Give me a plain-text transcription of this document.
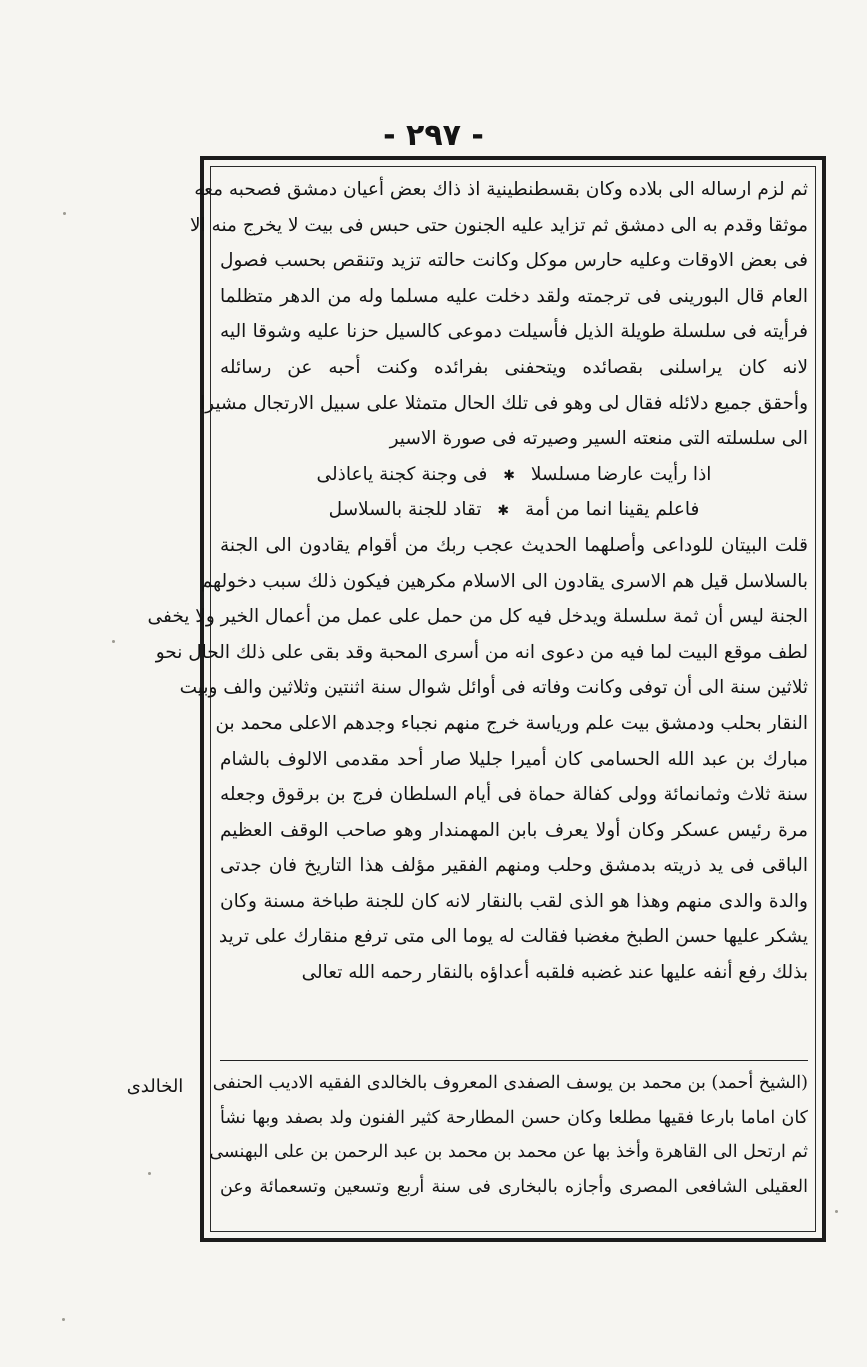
- ٢٩٧ -
ثم لزم ارساله الى بلاده وكان بقسطنطينية اذ ذاك بعض أعيان دمشق فصحبه معه
موثقا وقدم به الى دمشق ثم تزايد عليه الجنون حتى حبس فى بيت لا يخرج منه الا
فى بعض الاوقات وعليه حارس موكل وكانت حالته تزيد وتنقص بحسب فصول
العام قال البورينى فى ترجمته ولقد دخلت عليه مسلما وله من الدهر متظلما
فرأيته فى سلسلة طويلة الذيل فأسيلت دموعى كالسيل حزنا عليه وشوقا اليه
لانه كان يراسلنى بقصائده ويتحفنى بفرائده وكنت أحبه عن رسائله
وأحقق جميع دلائله فقال لى وهو فى تلك الحال متمثلا على سبيل الارتجال مشيرا
الى سلسلته التى منعته السير وصيرته فى صورة الاسير
اذا رأيت عارضا مسلسلا ✱ فى وجنة كجنة ياعاذلى
فاعلم يقينا انما من أمة ✱ تقاد للجنة بالسلاسل
قلت البيتان للوداعى وأصلهما الحديث عجب ربك من أقوام يقادون الى الجنة
بالسلاسل قيل هم الاسرى يقادون الى الاسلام مكرهين فيكون ذلك سبب دخولهم
الجنة ليس أن ثمة سلسلة ويدخل فيه كل من حمل على عمل من أعمال الخير ولا يخفى
لطف موقع البيت لما فيه من دعوى انه من أسرى المحبة وقد بقى على ذلك الحال نحو
ثلاثين سنة الى أن توفى وكانت وفاته فى أوائل شوال سنة اثنتين وثلاثين والف وبيت
النقار بحلب ودمشق بيت علم ورياسة خرج منهم نجباء وجدهم الاعلى محمد بن
مبارك بن عبد الله الحسامى كان أميرا جليلا صار أحد مقدمى الالوف بالشام
سنة ثلاث وثمانمائة وولى كفالة حماة فى أيام السلطان فرج بن برقوق وجعله
مرة رئيس عسكر وكان أولا يعرف بابن المهمندار وهو صاحب الوقف العظيم
الباقى فى يد ذريته بدمشق وحلب ومنهم الفقير مؤلف هذا التاريخ فان جدتى
والدة والدى منهم وهذا هو الذى لقب بالنقار لانه كان للجنة طباخة مسنة وكان
يشكر عليها حسن الطبخ مغضبا فقالت له يوما الى متى ترفع منقارك على تريد
بذلك رفع أنفه عليها عند غضبه فلقبه أعداؤه بالنقار رحمه الله تعالى
(الشيخ أحمد) بن محمد بن يوسف الصفدى المعروف بالخالدى الفقيه الاديب الحنفى
كان اماما بارعا فقيها مطلعا وكان حسن المطارحة كثير الفنون ولد بصفد وبها نشأ
ثم ارتحل الى القاهرة وأخذ بها عن محمد بن محمد بن عبد الرحمن بن على البهنسى
العقيلى الشافعى المصرى وأجازه بالبخارى فى سنة أربع وتسعين وتسعمائة وعن
الخالدى
